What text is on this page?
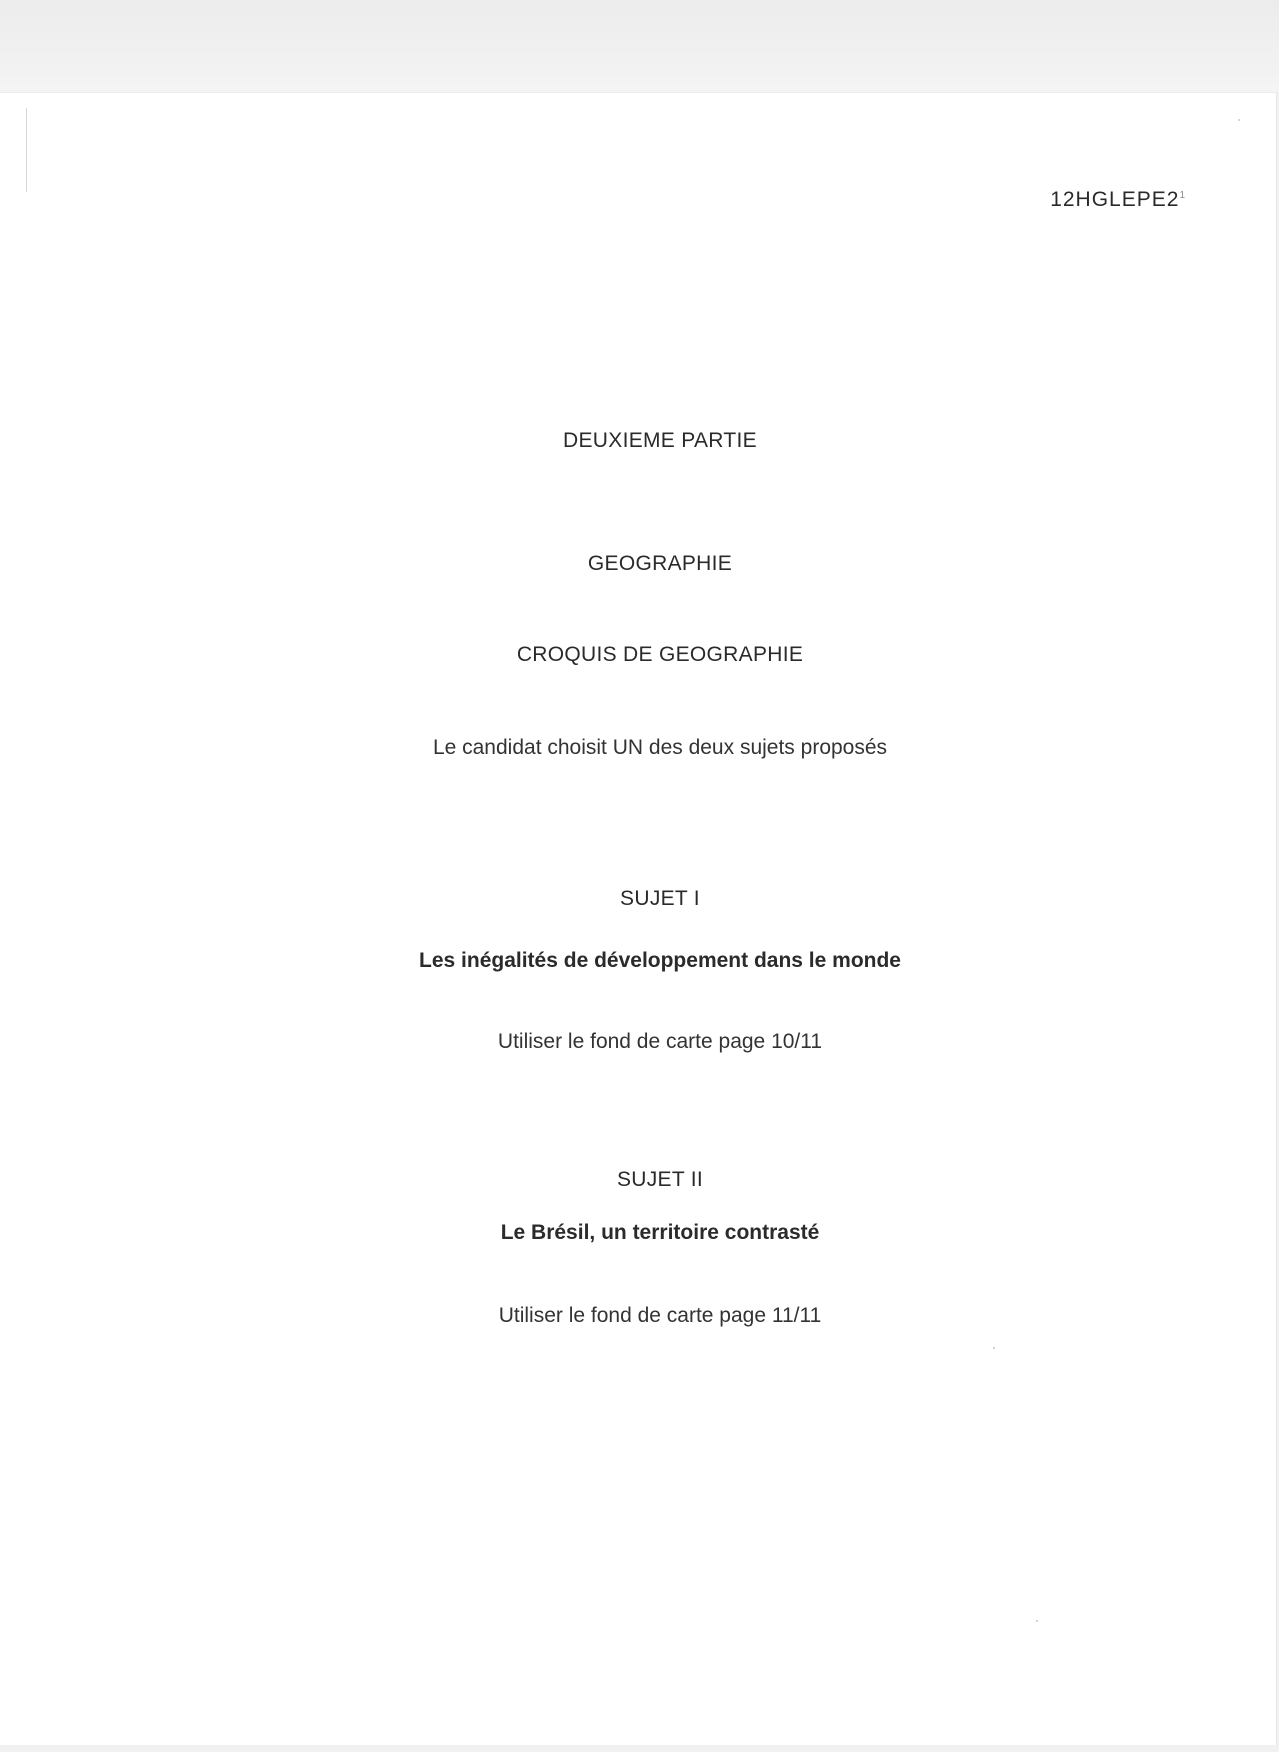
$12HGLEPE2^1$
DEUXIEME PARTIE
GEOGRAPHIE
CROQUIS DE GEOGRAPHIE
Le candidat choisit UN des deux sujets proposés
SUJET I
Les inégalités de développement dans le monde
Utiliser le fond de carte page 10/11
SUJET II
Le Brésil, un territoire contrasté
Utiliser le fond de carte page 11/11
